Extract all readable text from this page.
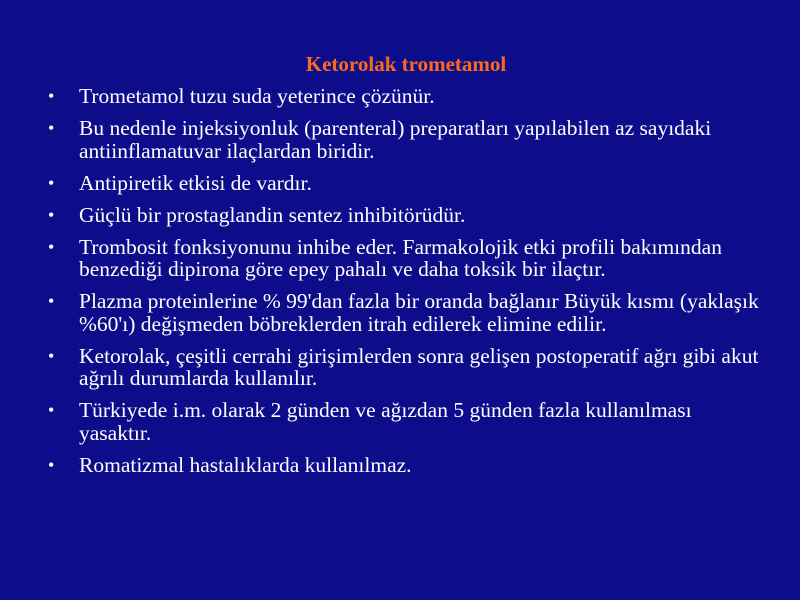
Ketorolak trometamol
• Trometamol tuzu suda yeterince çözünür.
• Bu nedenle injeksiyonluk (parenteral) preparatları yapılabilen az sayıdaki antiinflamatuvar ilaçlardan biridir.
• Antipiretik etkisi de vardır.
• Güçlü bir prostaglandin sentez inhibitörüdür.
• Trombosit fonksiyonunu inhibe eder. Farmakolojik etki profili bakımından benzediği dipirona göre epey pahalı ve daha toksik bir ilaçtır.
• Plazma proteinlerine % 99'dan fazla bir oranda bağlanır Büyük kısmı (yaklaşık %60'ı) değişmeden böbreklerden itrah edilerek elimine edilir.
• Ketorolak, çeşitli cerrahi girişimlerden sonra gelişen postoperatif ağrı gibi akut ağrılı durumlarda kullanılır.
• Türkiyede i.m. olarak 2 günden ve ağızdan 5 günden fazla kullanılması yasaktır.
• Romatizmal hastalıklarda kullanılmaz.
